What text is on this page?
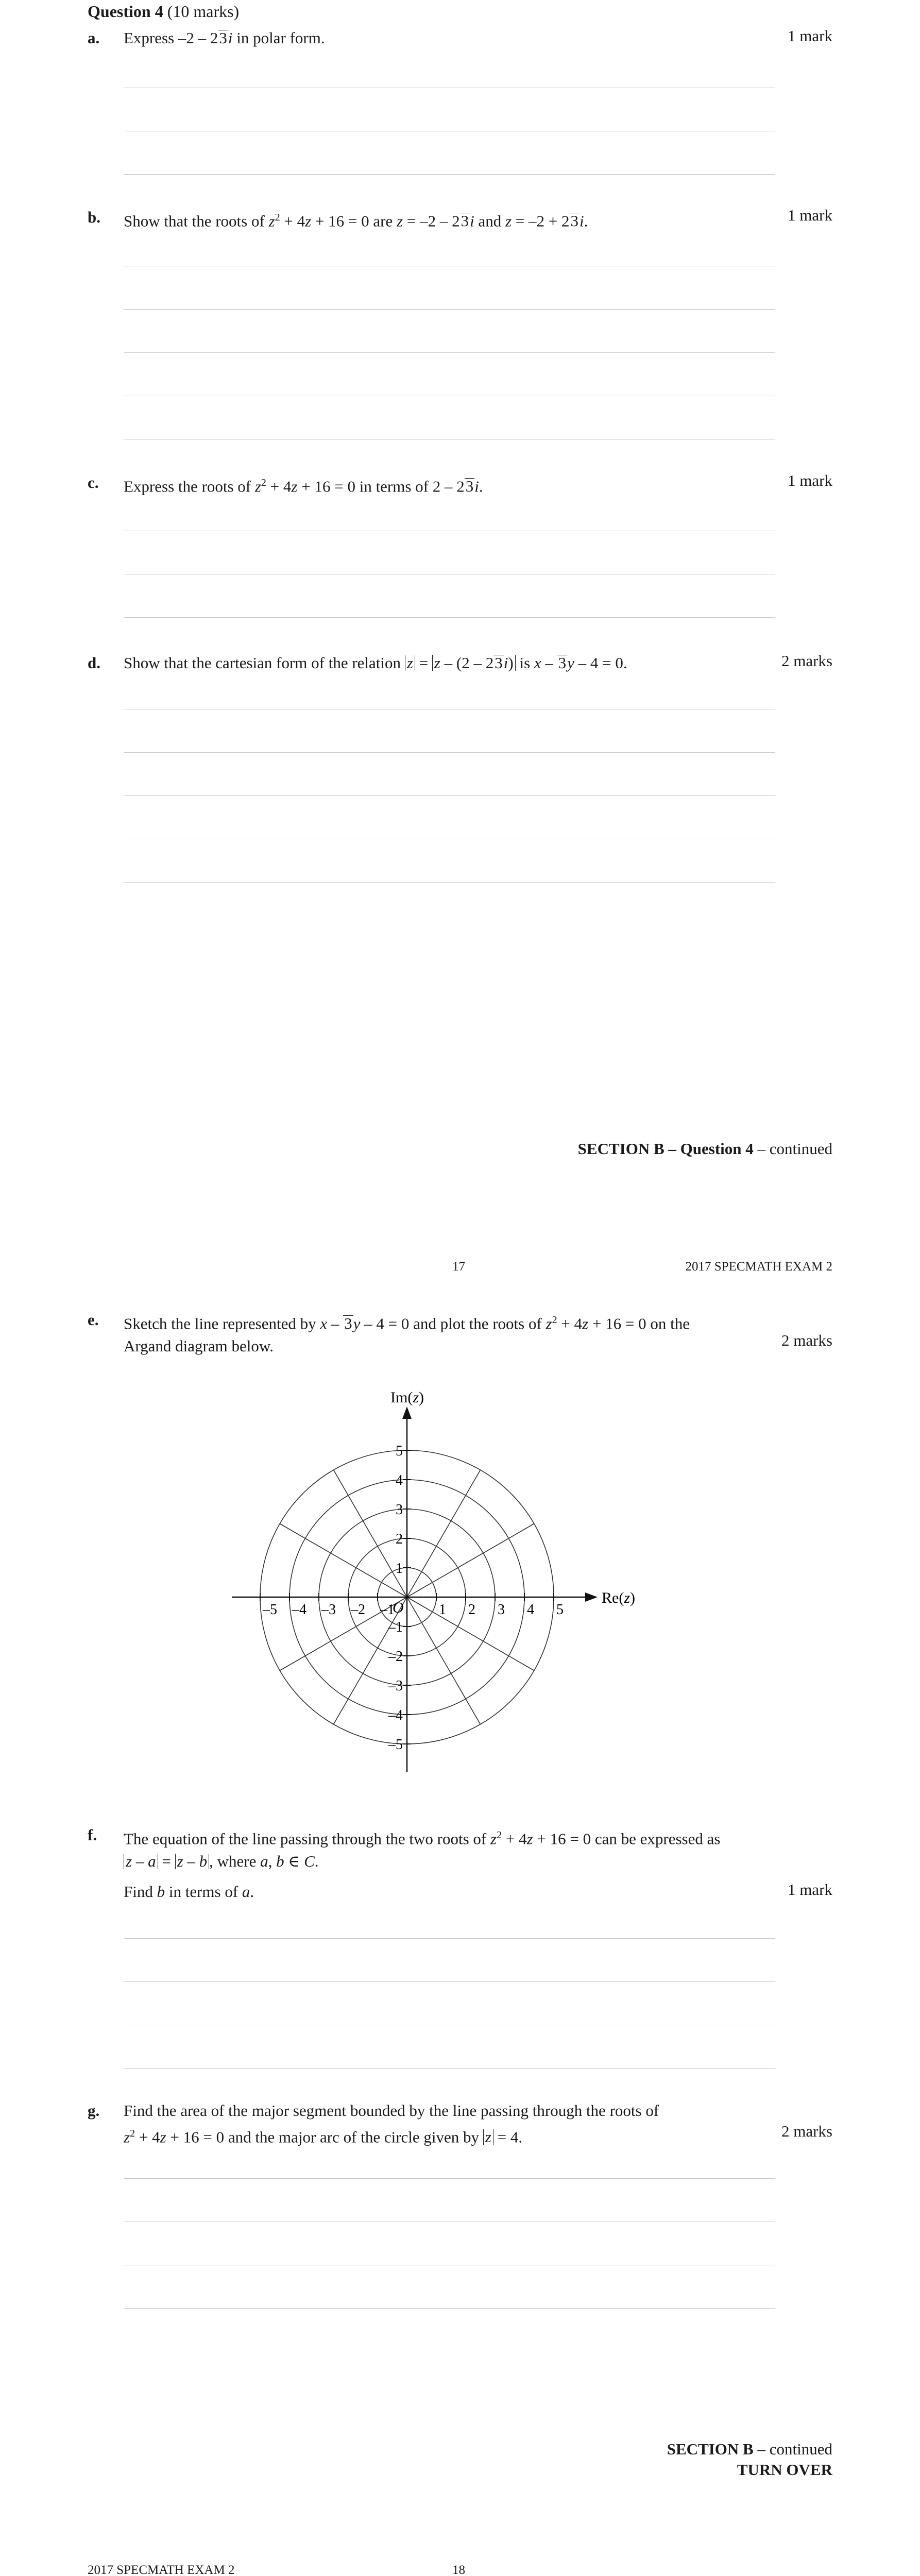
Question 4 (10 marks)
a.	Express –2 – 23i in polar form.	1 mark
b.	Show that the roots of $z^2 + 4z + 16 = 0$ are z = –2 – 23i and z = –2 + 23i.	1 mark
c.	Express the roots of $z^2 + 4z + 16 = 0$ in terms of 2 – 23i.	1 mark
d.	Show that the cartesian form of the relation z = z – (2 – 23i) is x – 3y – 4 = 0.	2 marks
SECTION B – Question 4 – continued
17	2017 SPECMATH EXAM 2
e.	Sketch the line represented by x – 3y – 4 = 0 and plot the roots of $z^2 + 4z + 16 = 0$ on the
Argand diagram below.	2 marks
Re(z)
Im(z)
O
–5 –4 –3 –2 –1	1 2 3 4 5
5
4
3
2
1
–1
–2
–3
–4
–5
f.	The equation of the line passing through the two roots of $z^2 + 4z + 16 = 0$ can be expressed as
z – a = z – b , where a, b ∈ C.
Find b in terms of a.	1 mark
g.	Find the area of the major segment bounded by the line passing through the roots of
$z^2 + 4z + 16 = 0$ and the major arc of the circle given by z = 4.	2 marks
SECTION B – continued
TURN OVER
2017 SPECMATH EXAM 2	18
